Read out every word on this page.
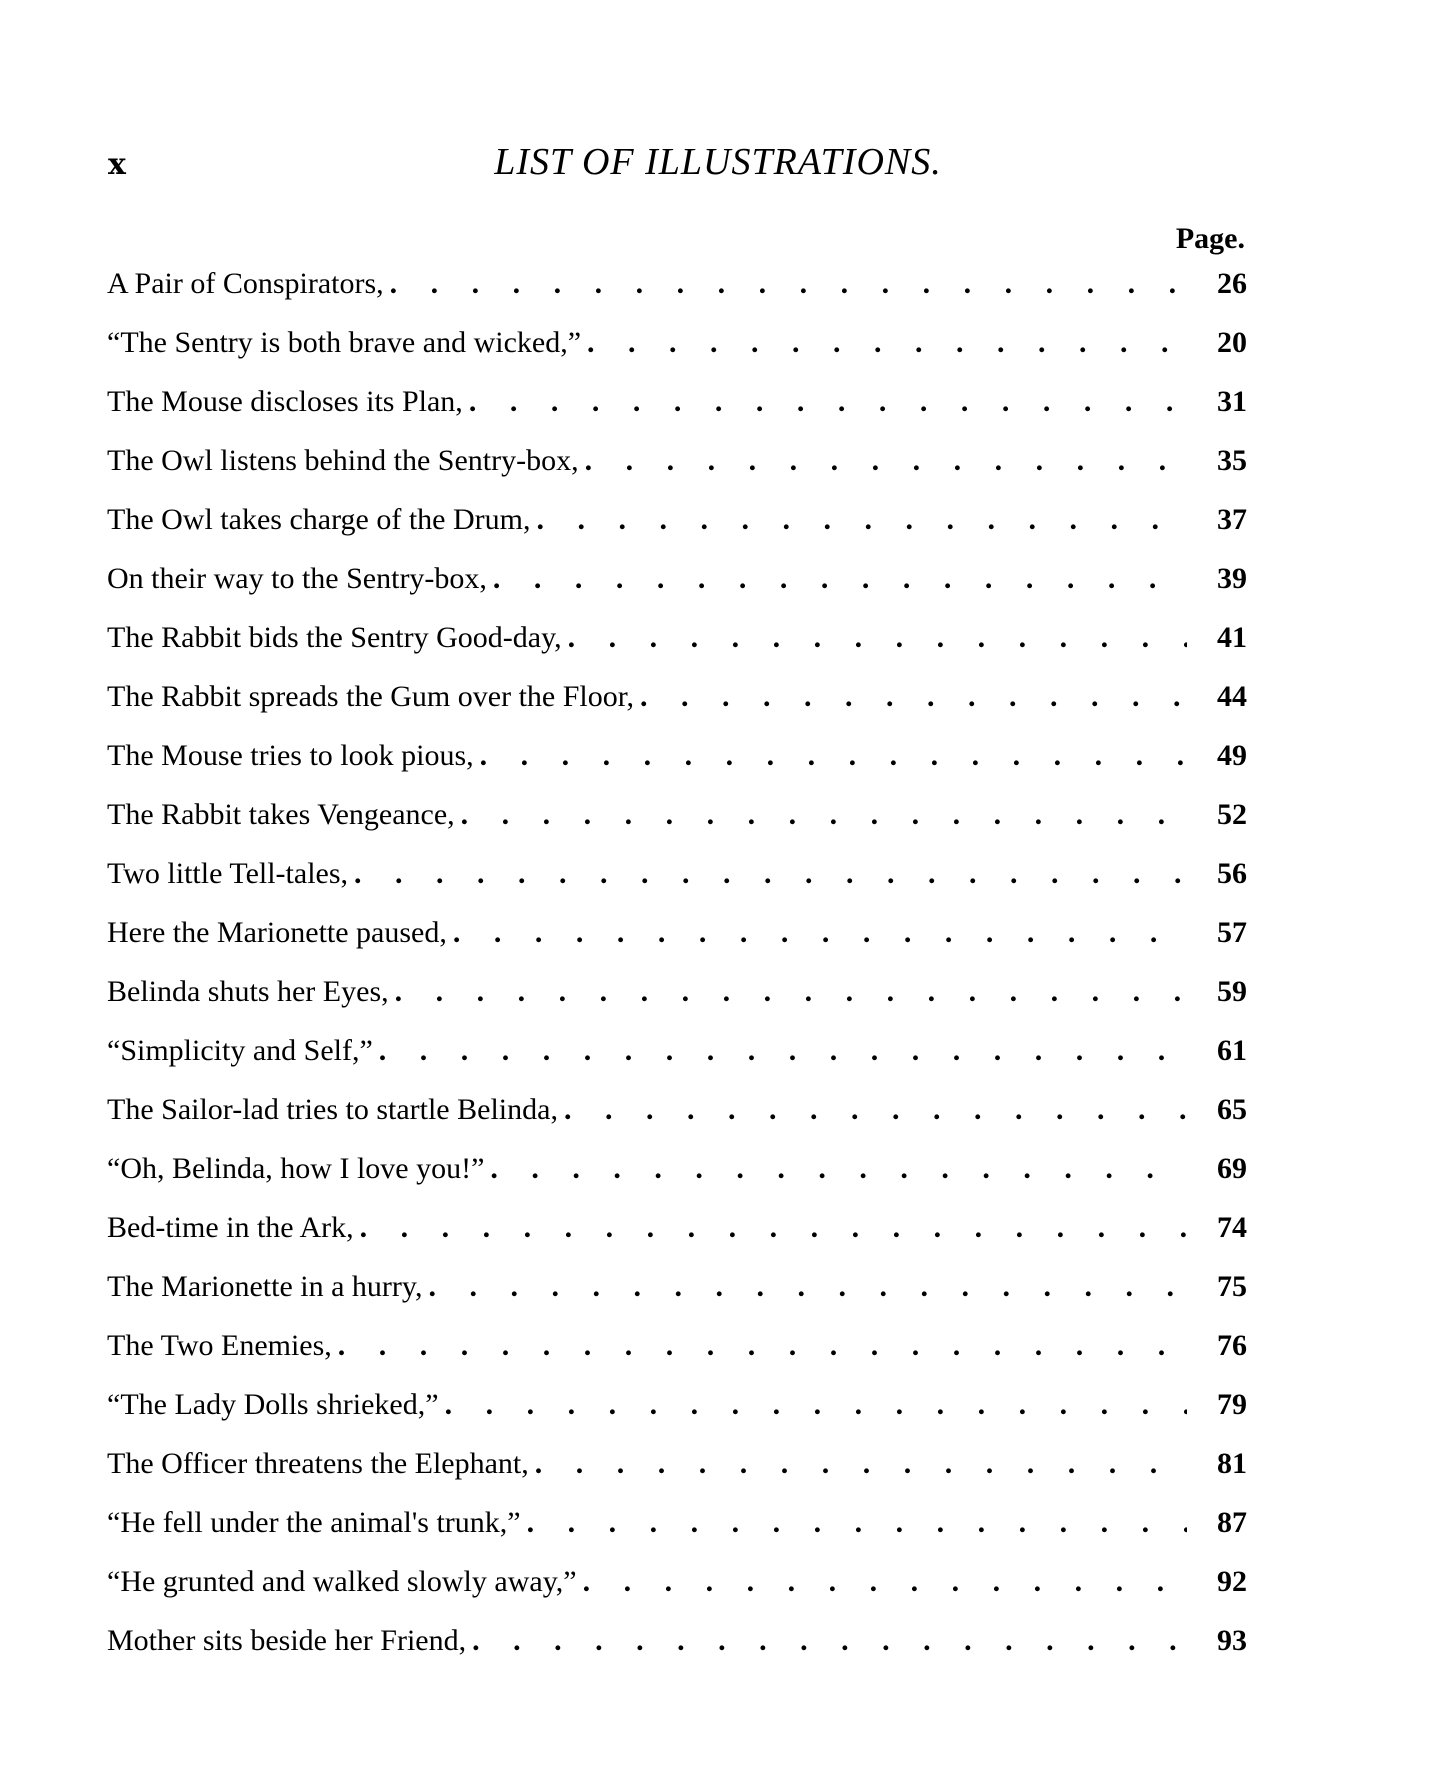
x	LIST OF ILLUSTRATIONS.
Page.
A Pair of Conspirators, . . .	26
“The Sentry is both brave and wicked,” . . .	20
The Mouse discloses its Plan, . . .	31
The Owl listens behind the Sentry-box, . . .	35
The Owl takes charge of the Drum, . . .	37
On their way to the Sentry-box, . . .	39
The Rabbit bids the Sentry Good-day, . . .	41
The Rabbit spreads the Gum over the Floor, . . .	44
The Mouse tries to look pious, . . .	49
The Rabbit takes Vengeance, . . .	52
Two little Tell-tales, . . .	56
Here the Marionette paused, . . .	57
Belinda shuts her Eyes, . . .	59
“Simplicity and Self,” . . .	61
The Sailor-lad tries to startle Belinda, . . .	65
“Oh, Belinda, how I love you!” . . .	69
Bed-time in the Ark, . . .	74
The Marionette in a hurry, . . .	75
The Two Enemies, . . .	76
“The Lady Dolls shrieked,” . . .	79
The Officer threatens the Elephant, . . .	81
“He fell under the animal's trunk,” . . .	87
“He grunted and walked slowly away,” . . .	92
Mother sits beside her Friend, . . .	93
